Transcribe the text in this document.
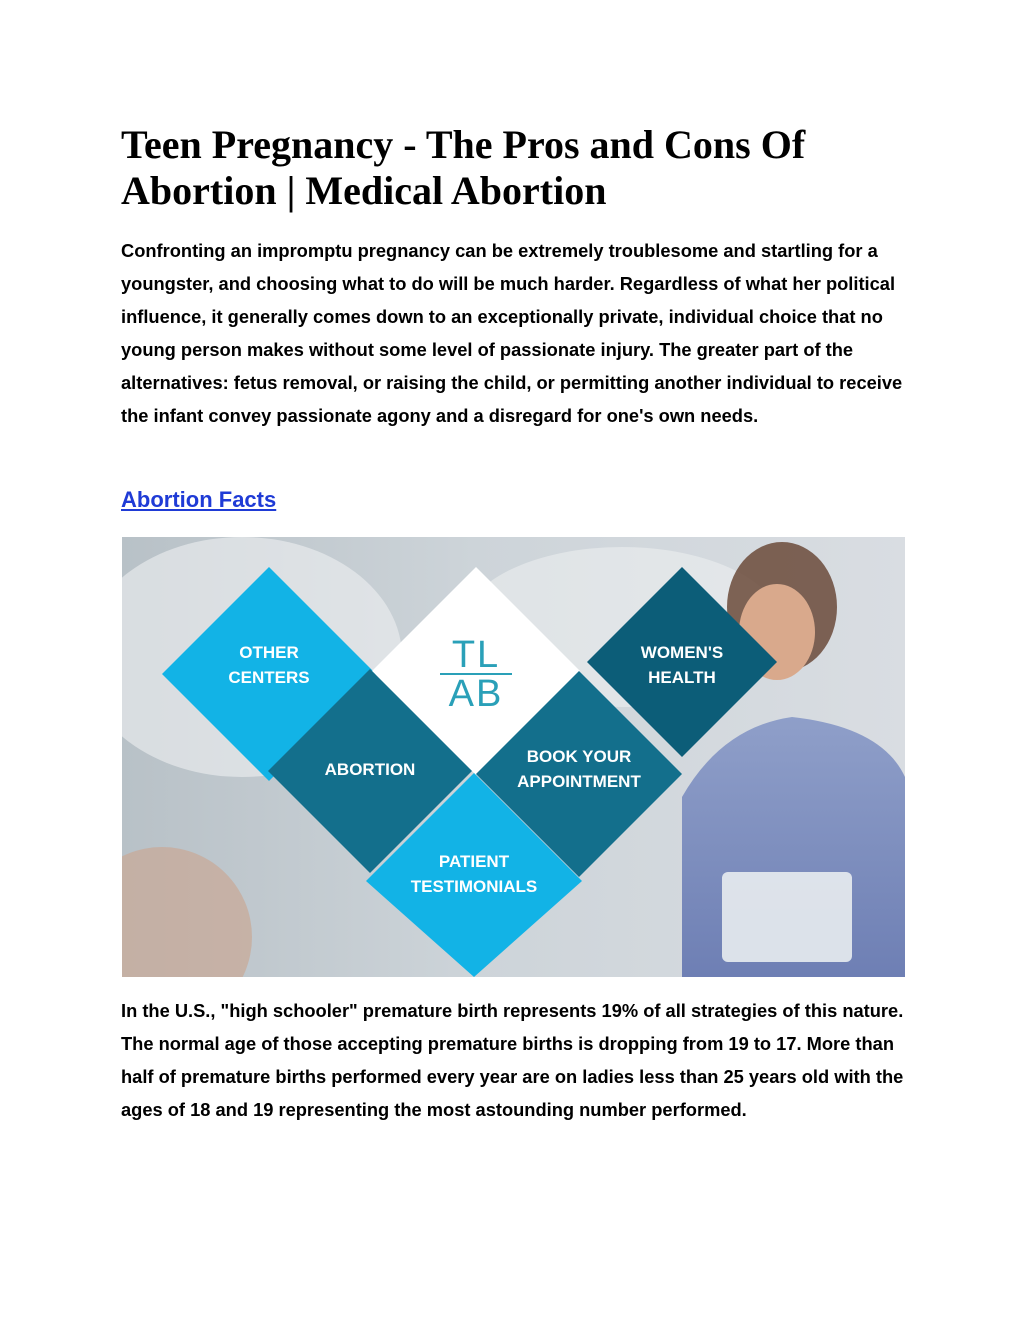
Teen Pregnancy - The Pros and Cons Of
Abortion | Medical Abortion

Confronting an impromptu pregnancy can be extremely troublesome and startling for a youngster, and choosing what to do will be much harder. Regardless of what her political influence, it generally comes down to an exceptionally private, individual choice that no young person makes without some level of passionate injury. The greater part of the alternatives: fetus removal, or raising the child, or permitting another individual to receive the infant convey passionate agony and a disregard for one's own needs.

Abortion Facts
OTHER
CENTERS
TL
AB
WOMEN'S
HEALTH
ABORTION
BOOK YOUR
APPOINTMENT
PATIENT
TESTIMONIALS

In the U.S., "high schooler" premature birth represents 19% of all strategies of this nature. The normal age of those accepting premature births is dropping from 19 to 17. More than half of premature births performed every year are on ladies less than 25 years old with the ages of 18 and 19 representing the most astounding number performed.
